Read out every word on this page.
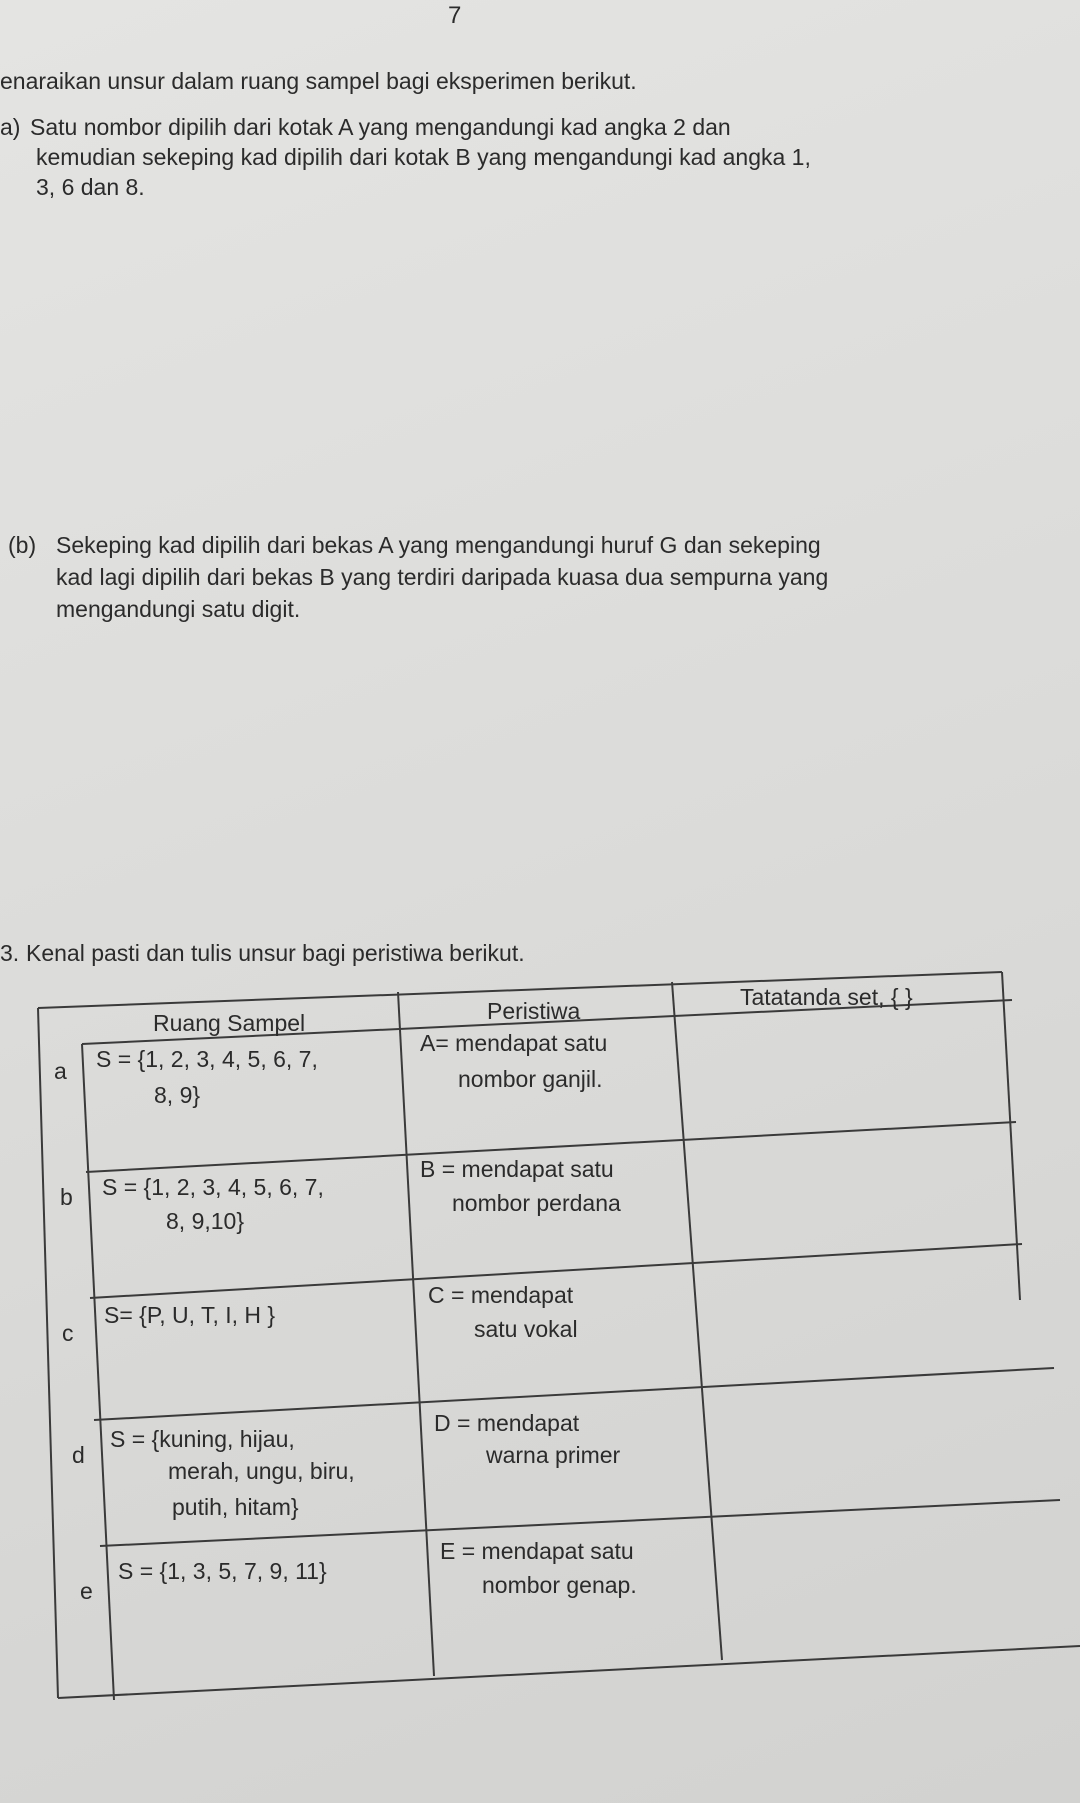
7
enaraikan unsur dalam ruang sampel bagi eksperimen berikut.
a) Satu nombor dipilih dari kotak A yang mengandungi kad angka 2 dan
kemudian sekeping kad dipilih dari kotak B yang mengandungi kad angka 1,
3, 6 dan 8.
(b) Sekeping kad dipilih dari bekas A yang mengandungi huruf G dan sekeping
kad lagi dipilih dari bekas B yang terdiri daripada kuasa dua sempurna yang
mengandungi satu digit.
3. Kenal pasti dan tulis unsur bagi peristiwa berikut.
Ruang Sampel	Peristiwa
Tatatanda set, { }
a S = {1, 2, 3, 4, 5, 6, 7,
8, 9}
A= mendapat satu
nombor ganjil.
b S = {1, 2, 3, 4, 5, 6, 7,
8, 9,10}
B = mendapat satu
nombor perdana
c
S= {P, U, T, I, H }
C = mendapat
satu vokal
d
S = {kuning, hijau,
merah, ungu, biru,
putih, hitam}
D = mendapat
warna primer
e
S = {1, 3, 5, 7, 9, 11}
E = mendapat satu
nombor genap.
